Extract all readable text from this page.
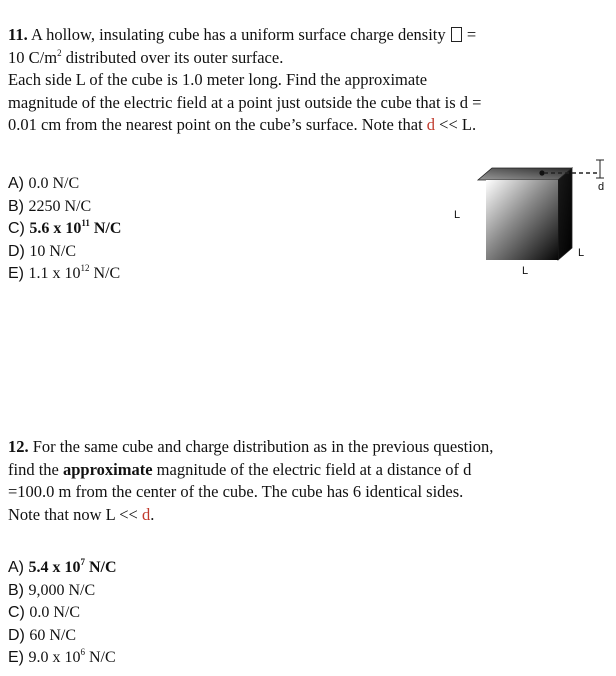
11. A hollow, insulating cube has a uniform surface charge density =
10 $C/m^2$ distributed over its outer surface.
Each side L of the cube is 1.0 meter long. Find the approximate
magnitude of the electric field at a point just outside the cube that is d =
0.01 cm from the nearest point on the cube’s surface. Note that d << L.
A) 0.0 N/C
B) 2250 N/C
C) 5.6 x $10^{11}$ N/C
D) 10 N/C
E) 1.1 x $10^{12}$ N/C
d
L
L
L
12. For the same cube and charge distribution as in the previous question,
find the approximate magnitude of the electric field at a distance of d
=100.0 m from the center of the cube. The cube has 6 identical sides.
Note that now L << d.
A) 5.4 x $10^7$ N/C
B) 9,000 N/C
C) 0.0 N/C
D) 60 N/C
E) 9.0 x $10^6$ N/C
